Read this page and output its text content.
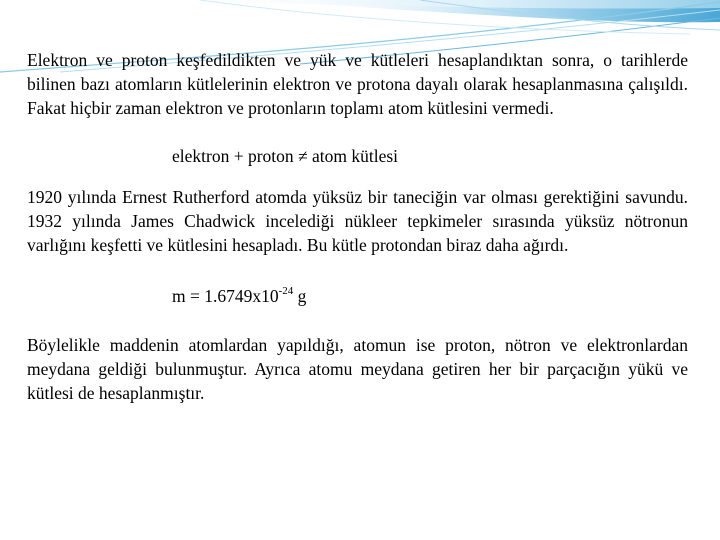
Elektron ve proton keşfedildikten ve yük ve kütleleri hesaplandıktan sonra, o tarihlerde bilinen bazı atomların kütlelerinin elektron ve protona dayalı olarak hesaplanmasına çalışıldı. Fakat hiçbir zaman elektron ve protonların toplamı atom kütlesini vermedi.

elektron + proton ≠ atom kütlesi

1920 yılında Ernest Rutherford atomda yüksüz bir taneciğin var olması gerektiğini savundu. 1932 yılında James Chadwick incelediği nükleer tepkimeler sırasında yüksüz nötronun varlığını keşfetti ve kütlesini hesapladı. Bu kütle protondan biraz daha ağırdı.

$m = 1.6749x10^{-24}$ g

Böylelikle maddenin atomlardan yapıldığı, atomun ise proton, nötron ve elektronlardan meydana geldiği bulunmuştur. Ayrıca atomu meydana getiren her bir parçacığın yükü ve kütlesi de hesaplanmıştır.
